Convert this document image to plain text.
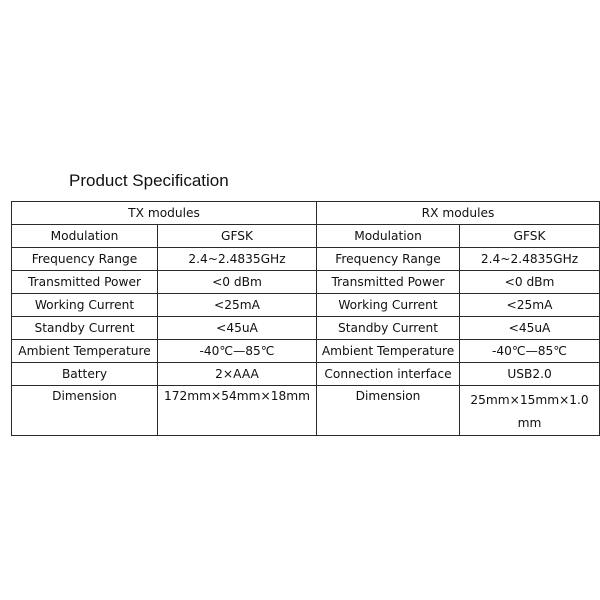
Product Specification
TX modules		RX modules	
Modulation	GFSK	Modulation	GFSK
Frequency Range	2.4~2.4835GHz	Frequency Range	2.4~2.4835GHz
Transmitted Power	<0 dBm	Transmitted Power	<0 dBm
Working Current	<25mA	Working Current	<25mA
Standby Current	<45uA	Standby Current	<45uA
Ambient Temperature	-40℃—85℃	Ambient Temperature	-40℃—85℃
Battery	2×AAA	Connection interface	USB2.0
Dimension	172mm×54mm×18mm	Dimension	25mm×15mm×1.0 mm
